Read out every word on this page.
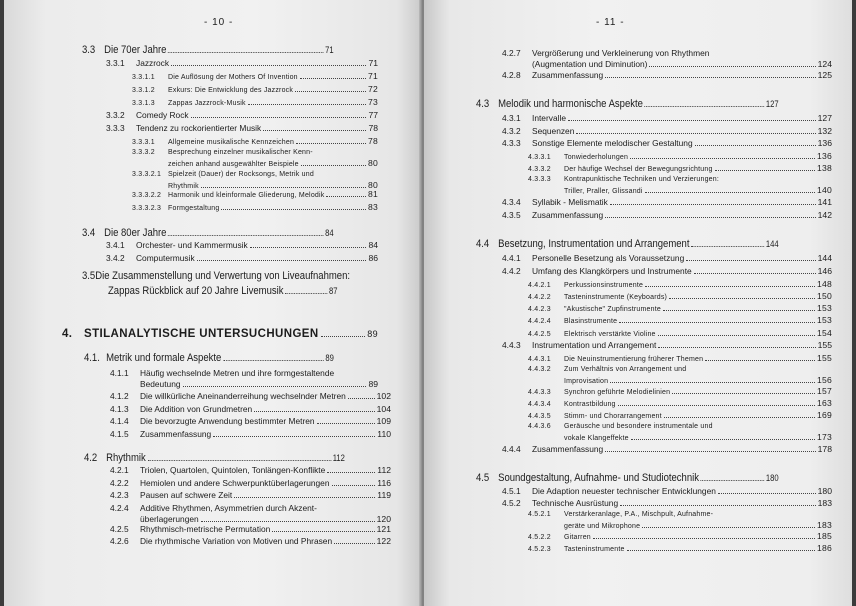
- 10 -
3.3 Die 70er Jahre	71
3.3.1	Jazzrock	71
3.3.1.1	Die Auflösung der Mothers Of Invention	71
3.3.1.2	Exkurs: Die Entwicklung des Jazzrock	72
3.3.1.3	Zappas Jazzrock-Musik	73
3.3.2	Comedy Rock	77
3.3.3	Tendenz zu rockorientierter Musik	78
3.3.3.1	Allgemeine musikalische Kennzeichen	78
3.3.3.2	Besprechung einzelner musikalischer Kenn-
zeichen anhand ausgewählter Beispiele	80
3.3.3.2.1 Spielzeit (Dauer) der Rocksongs, Metrik und
Rhythmik	80
3.3.3.2.2 Harmonik und kleinformale Gliederung, Melodik	81
3.3.3.2.3 Formgestaltung	83
3.4 Die 80er Jahre	84
3.4.1	Orchester- und Kammermusik	84
3.4.2	Computermusik	86
3.5 Die Zusammenstellung und Verwertung von Liveaufnahmen:
Zappas Rückblick auf 20 Jahre Livemusik	87
4.	STILANALYTISCHE UNTERSUCHUNGEN	89
4.1. Metrik und formale Aspekte	89
4.1.1	Häufig wechselnde Metren und ihre formgestaltende
Bedeutung	89
4.1.2	Die willkürliche Aneinanderreihung wechselnder Metren	102
4.1.3	Die Addition von Grundmetren	104
4.1.4	Die bevorzugte Anwendung bestimmter Metren	109
4.1.5	Zusammenfassung	110
4.2 Rhythmik	112
4.2.1	Triolen, Quartolen, Quintolen, Tonlängen-Konflikte	112
4.2.2	Hemiolen und andere Schwerpunktüberlagerungen	116
4.2.3	Pausen auf schwere Zeit	119
4.2.4	Additive Rhythmen, Asymmetrien durch Akzent-
überlagerungen	120
4.2.5	Rhythmisch-metrische Permutation	121
4.2.6	Die rhythmische Variation von Motiven und Phrasen	122
- 11 -
4.2.7	Vergrößerung und Verkleinerung von Rhythmen
(Augmentation und Diminution)	124
4.2.8	Zusammenfassung	125
4.3 Melodik und harmonische Aspekte	127
4.3.1	Intervalle	127
4.3.2	Sequenzen	132
4.3.3	Sonstige Elemente melodischer Gestaltung	136
4.3.3.1	Tonwiederholungen	136
4.3.3.2	Der häufige Wechsel der Bewegungsrichtung	138
4.3.3.3	Kontrapunktische Techniken und Verzierungen:
Triller, Praller, Glissandi	140
4.3.4	Syllabik - Melismatik	141
4.3.5	Zusammenfassung	142
4.4 Besetzung, Instrumentation und Arrangement	144
4.4.1	Personelle Besetzung als Voraussetzung	144
4.4.2	Umfang des Klangkörpers und Instrumente	146
4.4.2.1	Perkussionsinstrumente	148
4.4.2.2	Tasteninstrumente (Keyboards)	150
4.4.2.3	"Akustische" Zupfinstrumente	153
4.4.2.4	Blasinstrumente	153
4.4.2.5	Elektrisch verstärkte Violine	154
4.4.3	Instrumentation und Arrangement	155
4.4.3.1	Die Neuinstrumentierung früherer Themen	155
4.4.3.2	Zum Verhältnis von Arrangement und
Improvisation	156
4.4.3.3	Synchron geführte Melodielinien	157
4.4.3.4	Kontrastbildung	163
4.4.3.5	Stimm- und Chorarrangement	169
4.4.3.6	Geräusche und besondere instrumentale und
vokale Klangeffekte	173
4.4.4	Zusammenfassung	178
4.5 Soundgestaltung, Aufnahme- und Studiotechnik	180
4.5.1	Die Adaption neuester technischer Entwicklungen	180
4.5.2	Technische Ausrüstung	183
4.5.2.1	Verstärkeranlage, P.A., Mischpult, Aufnahme-
geräte und Mikrophone	183
4.5.2.2	Gitarren	185
4.5.2.3	Tasteninstrumente	186
